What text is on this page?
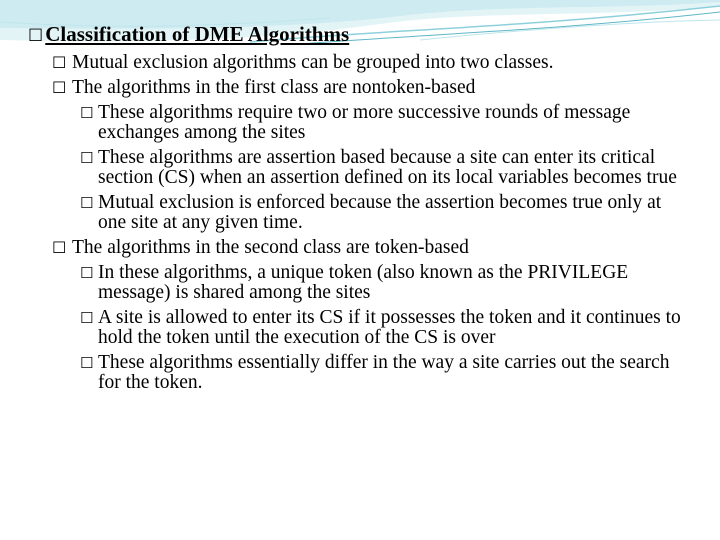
☐Classification of DME Algorithms
☐ Mutual exclusion algorithms can be grouped into two classes.
☐ The algorithms in the first class are nontoken-based
☐ These algorithms require two or more successive rounds of message exchanges among the sites
☐ These algorithms are assertion based because a site can enter its critical section (CS) when an assertion defined on its local variables becomes true
☐ Mutual exclusion is enforced because the assertion becomes true only at one site at any given time.
☐ The algorithms in the second class are token-based
☐ In these algorithms, a unique token (also known as the PRIVILEGE message) is shared among the sites
☐ A site is allowed to enter its CS if it possesses the token and it continues to hold the token until the execution of the CS is over
☐ These algorithms essentially differ in the way a site carries out the search for the token.
